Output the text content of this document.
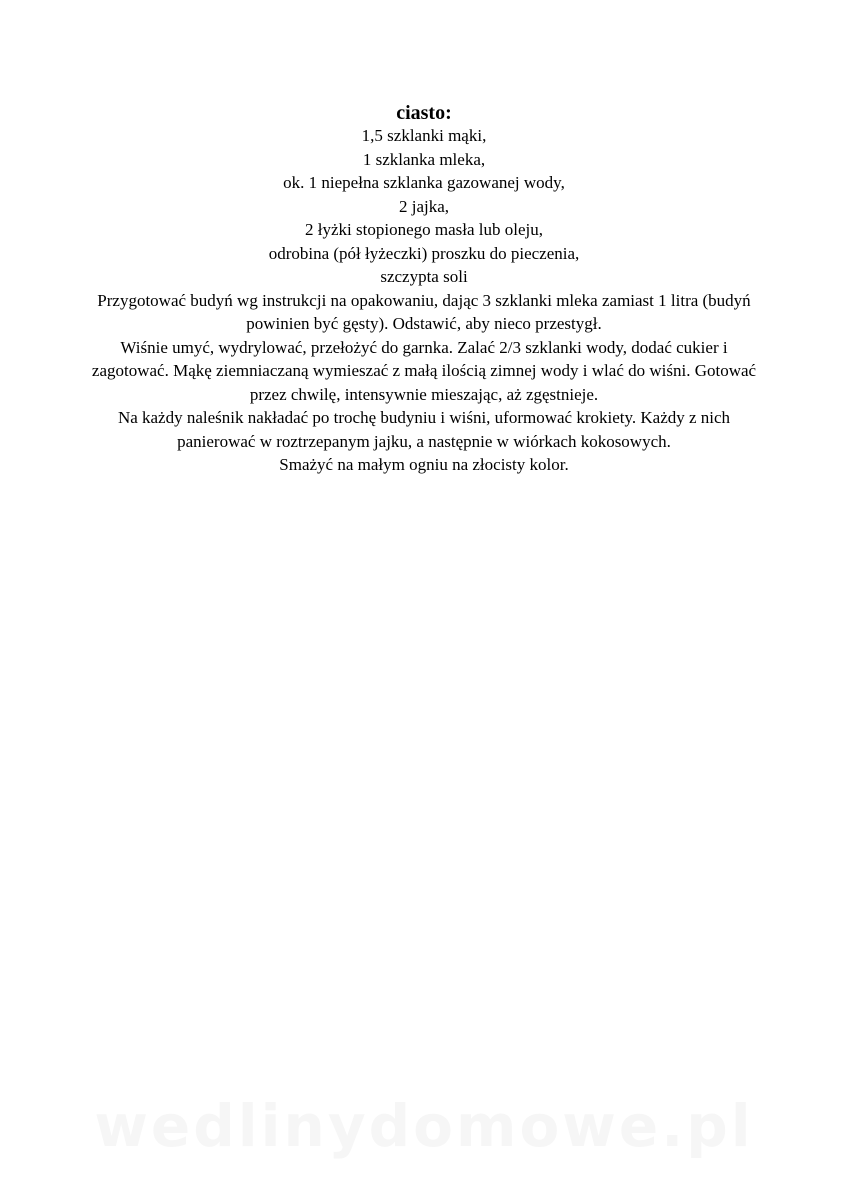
ciasto:
1,5 szklanki mąki,
1 szklanka mleka,
ok. 1 niepełna szklanka gazowanej wody,
2 jajka,
2 łyżki stopionego masła lub oleju,
odrobina (pół łyżeczki) proszku do pieczenia,
szczypta soli

Przygotować budyń wg instrukcji na opakowaniu, dając 3 szklanki mleka zamiast 1 litra (budyń powinien być gęsty). Odstawić, aby nieco przestygł.

Wiśnie umyć, wydrylować, przełożyć do garnka. Zalać 2/3 szklanki wody, dodać cukier i zagotować. Mąkę ziemniaczaną wymieszać z małą ilością zimnej wody i wlać do wiśni. Gotować przez chwilę, intensywnie mieszając, aż zgęstnieje.

Na każdy naleśnik nakładać po trochę budyniu i wiśni, uformować krokiety. Każdy z nich panierować w roztrzepanym jajku, a następnie w wiórkach kokosowych.

Smażyć na małym ogniu na złocisty kolor.

wedlinydomowe.pl
